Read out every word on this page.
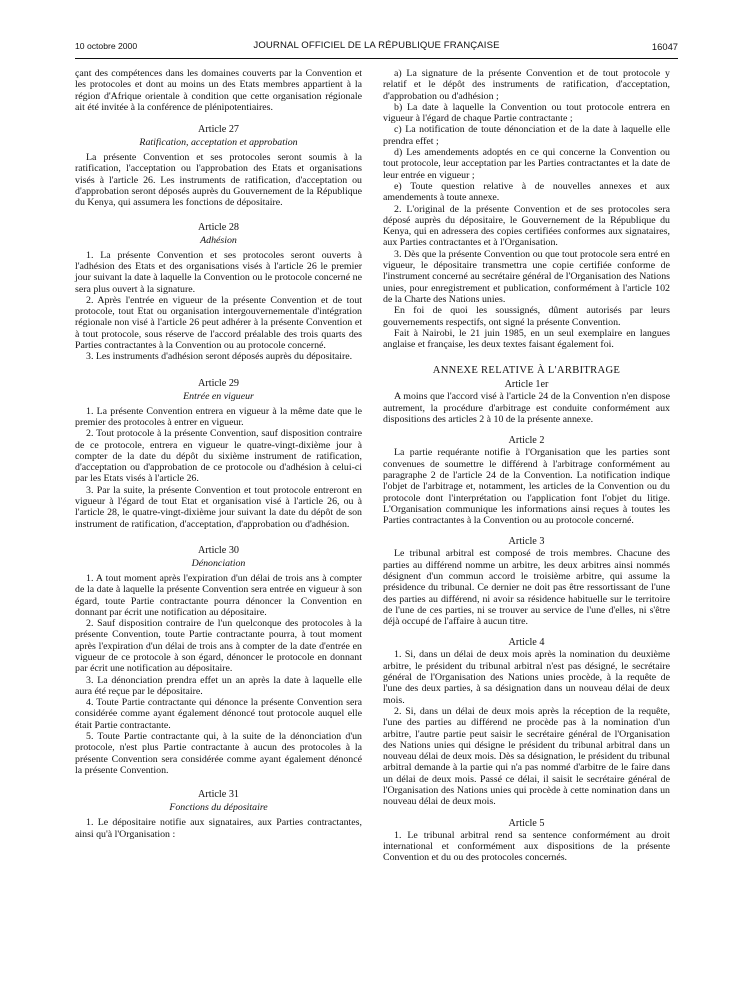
10 octobre 2000	JOURNAL OFFICIEL DE LA RÉPUBLIQUE FRANÇAISE	16047

çant des compétences dans les domaines couverts par la Convention et les protocoles et dont au moins un des Etats membres appartient à la région d'Afrique orientale à condition que cette organisation régionale ait été invitée à la conférence de plénipotentiaires.

Article 27
Ratification, acceptation et approbation

La présente Convention et ses protocoles seront soumis à la ratification, l'acceptation ou l'approbation des Etats et organisations visés à l'article 26. Les instruments de ratification, d'acceptation ou d'approbation seront déposés auprès du Gouvernement de la République du Kenya, qui assumera les fonctions de dépositaire.

Article 28
Adhésion

1. La présente Convention et ses protocoles seront ouverts à l'adhésion des Etats et des organisations visés à l'article 26 le premier jour suivant la date à laquelle la Convention ou le protocole concerné ne sera plus ouvert à la signature.

2. Après l'entrée en vigueur de la présente Convention et de tout protocole, tout Etat ou organisation intergouvernementale d'intégration régionale non visé à l'article 26 peut adhérer à la présente Convention et à tout protocole, sous réserve de l'accord préalable des trois quarts des Parties contractantes à la Convention ou au protocole concerné.

3. Les instruments d'adhésion seront déposés auprès du dépositaire.

Article 29
Entrée en vigueur

1. La présente Convention entrera en vigueur à la même date que le premier des protocoles à entrer en vigueur.

2. Tout protocole à la présente Convention, sauf disposition contraire de ce protocole, entrera en vigueur le quatre-vingt-dixième jour à compter de la date du dépôt du sixième instrument de ratification, d'acceptation ou d'approbation de ce protocole ou d'adhésion à celui-ci par les Etats visés à l'article 26.

3. Par la suite, la présente Convention et tout protocole entreront en vigueur à l'égard de tout Etat et organisation visé à l'article 26, ou à l'article 28, le quatre-vingt-dixième jour suivant la date du dépôt de son instrument de ratification, d'acceptation, d'approbation ou d'adhésion.

Article 30
Dénonciation

1. A tout moment après l'expiration d'un délai de trois ans à compter de la date à laquelle la présente Convention sera entrée en vigueur à son égard, toute Partie contractante pourra dénoncer la Convention en donnant par écrit une notification au dépositaire.

2. Sauf disposition contraire de l'un quelconque des protocoles à la présente Convention, toute Partie contractante pourra, à tout moment après l'expiration d'un délai de trois ans à compter de la date d'entrée en vigueur de ce protocole à son égard, dénoncer le protocole en donnant par écrit une notification au dépositaire.

3. La dénonciation prendra effet un an après la date à laquelle elle aura été reçue par le dépositaire.

4. Toute Partie contractante qui dénonce la présente Convention sera considérée comme ayant également dénoncé tout protocole auquel elle était Partie contractante.

5. Toute Partie contractante qui, à la suite de la dénonciation d'un protocole, n'est plus Partie contractante à aucun des protocoles à la présente Convention sera considérée comme ayant également dénoncé la présente Convention.

Article 31
Fonctions du dépositaire

1. Le dépositaire notifie aux signataires, aux Parties contractantes, ainsi qu'à l'Organisation :

a) La signature de la présente Convention et de tout protocole y relatif et le dépôt des instruments de ratification, d'acceptation, d'approbation ou d'adhésion ;

b) La date à laquelle la Convention ou tout protocole entrera en vigueur à l'égard de chaque Partie contractante ;

c) La notification de toute dénonciation et de la date à laquelle elle prendra effet ;

d) Les amendements adoptés en ce qui concerne la Convention ou tout protocole, leur acceptation par les Parties contractantes et la date de leur entrée en vigueur ;

e) Toute question relative à de nouvelles annexes et aux amendements à toute annexe.

2. L'original de la présente Convention et de ses protocoles sera déposé auprès du dépositaire, le Gouvernement de la République du Kenya, qui en adressera des copies certifiées conformes aux signataires, aux Parties contractantes et à l'Organisation.

3. Dès que la présente Convention ou que tout protocole sera entré en vigueur, le dépositaire transmettra une copie certifiée conforme de l'instrument concerné au secrétaire général de l'Organisation des Nations unies, pour enregistrement et publication, conformément à l'article 102 de la Charte des Nations unies.

En foi de quoi les soussignés, dûment autorisés par leurs gouvernements respectifs, ont signé la présente Convention.

Fait à Nairobi, le 21 juin 1985, en un seul exemplaire en langues anglaise et française, les deux textes faisant également foi.

ANNEXE RELATIVE À L'ARBITRAGE
Article 1er

A moins que l'accord visé à l'article 24 de la Convention n'en dispose autrement, la procédure d'arbitrage est conduite conformément aux dispositions des articles 2 à 10 de la présente annexe.

Article 2

La partie requérante notifie à l'Organisation que les parties sont convenues de soumettre le différend à l'arbitrage conformément au paragraphe 2 de l'article 24 de la Convention. La notification indique l'objet de l'arbitrage et, notamment, les articles de la Convention ou du protocole dont l'interprétation ou l'application font l'objet du litige. L'Organisation communique les informations ainsi reçues à toutes les Parties contractantes à la Convention ou au protocole concerné.

Article 3

Le tribunal arbitral est composé de trois membres. Chacune des parties au différend nomme un arbitre, les deux arbitres ainsi nommés désignent d'un commun accord le troisième arbitre, qui assume la présidence du tribunal. Ce dernier ne doit pas être ressortissant de l'une des parties au différend, ni avoir sa résidence habituelle sur le territoire de l'une de ces parties, ni se trouver au service de l'une d'elles, ni s'être déjà occupé de l'affaire à aucun titre.

Article 4

1. Si, dans un délai de deux mois après la nomination du deuxième arbitre, le président du tribunal arbitral n'est pas désigné, le secrétaire général de l'Organisation des Nations unies procède, à la requête de l'une des deux parties, à sa désignation dans un nouveau délai de deux mois.

2. Si, dans un délai de deux mois après la réception de la requête, l'une des parties au différend ne procède pas à la nomination d'un arbitre, l'autre partie peut saisir le secrétaire général de l'Organisation des Nations unies qui désigne le président du tribunal arbitral dans un nouveau délai de deux mois. Dès sa désignation, le président du tribunal arbitral demande à la partie qui n'a pas nommé d'arbitre de le faire dans un délai de deux mois. Passé ce délai, il saisit le secrétaire général de l'Organisation des Nations unies qui procède à cette nomination dans un nouveau délai de deux mois.

Article 5

1. Le tribunal arbitral rend sa sentence conformément au droit international et conformément aux dispositions de la présente Convention et du ou des protocoles concernés.
